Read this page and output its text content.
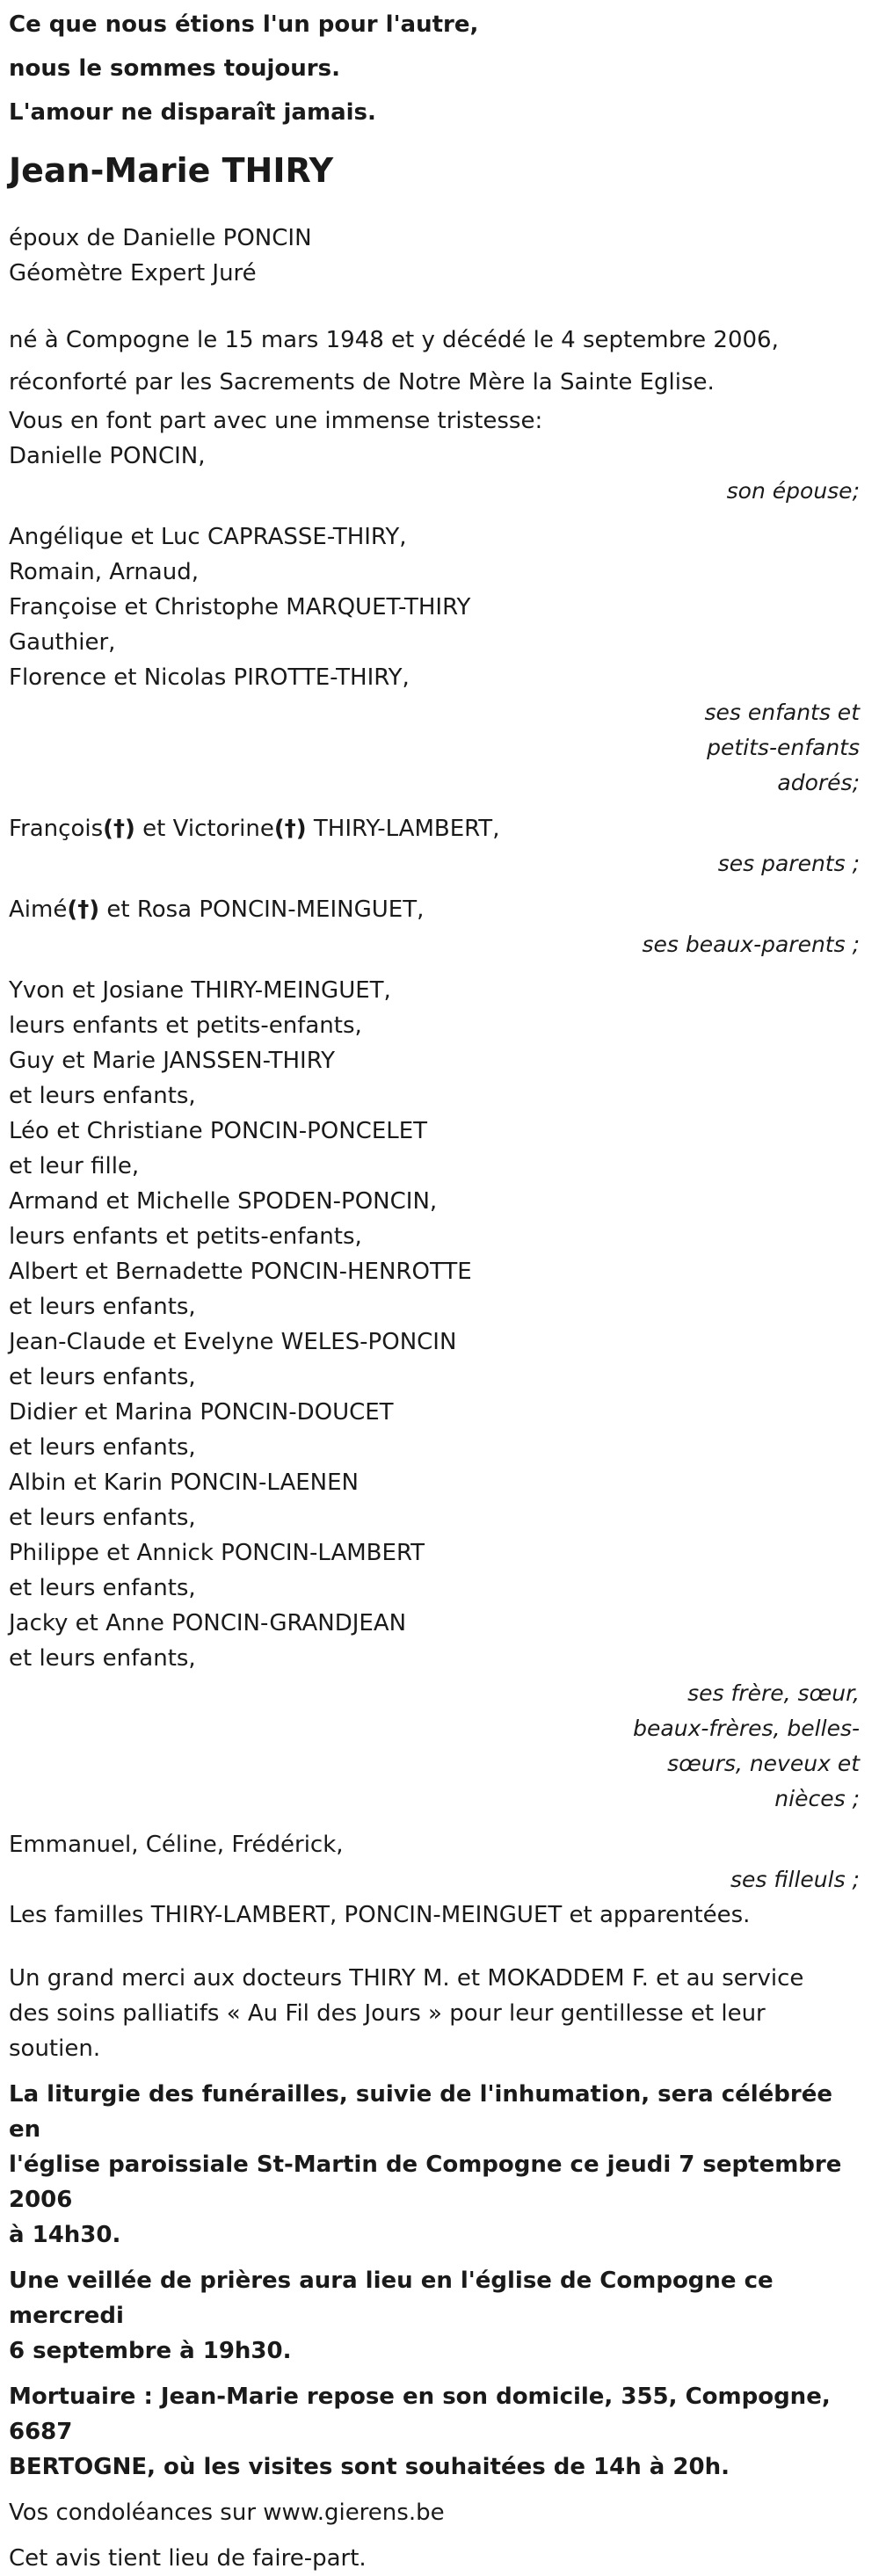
Ce que nous étions l'un pour l'autre,

nous le sommes toujours.

L'amour ne disparaît jamais.

Jean-Marie THIRY

époux de Danielle PONCIN

Géomètre Expert Juré

né à Compogne le 15 mars 1948 et y décédé le 4 septembre 2006,

réconforté par les Sacrements de Notre Mère la Sainte Eglise.

Vous en font part avec une immense tristesse:

Danielle PONCIN,

son épouse;

Angélique et Luc CAPRASSE-THIRY,

Romain, Arnaud,

Françoise et Christophe MARQUET-THIRY

Gauthier,

Florence et Nicolas PIROTTE-THIRY,

ses enfants et

petits-enfants

adorés;

François(†) et Victorine(†) THIRY-LAMBERT,

ses parents ;

Aimé(†) et Rosa PONCIN-MEINGUET,

ses beaux-parents ;

Yvon et Josiane THIRY-MEINGUET,

leurs enfants et petits-enfants,

Guy et Marie JANSSEN-THIRY

et leurs enfants,

Léo et Christiane PONCIN-PONCELET

et leur fille,

Armand et Michelle SPODEN-PONCIN,

leurs enfants et petits-enfants,

Albert et Bernadette PONCIN-HENROTTE

et leurs enfants,

Jean-Claude et Evelyne WELES-PONCIN

et leurs enfants,

Didier et Marina PONCIN-DOUCET

et leurs enfants,

Albin et Karin PONCIN-LAENEN

et leurs enfants,

Philippe et Annick PONCIN-LAMBERT

et leurs enfants,

Jacky et Anne PONCIN-GRANDJEAN

et leurs enfants,

ses frère, sœur,

beaux-frères, belles-

sœurs, neveux et

nièces ;

Emmanuel, Céline, Frédérick,

ses filleuls ;

Les familles THIRY-LAMBERT, PONCIN-MEINGUET et apparentées.

Un grand merci aux docteurs THIRY M. et MOKADDEM F. et au service

des soins palliatifs « Au Fil des Jours » pour leur gentillesse et leur

soutien.

La liturgie des funérailles, suivie de l'inhumation, sera célébrée en

l'église paroissiale St-Martin de Compogne ce jeudi 7 septembre 2006

à 14h30.

Une veillée de prières aura lieu en l'église de Compogne ce mercredi

6 septembre à 19h30.

Mortuaire : Jean-Marie repose en son domicile, 355, Compogne, 6687

BERTOGNE, où les visites sont souhaitées de 14h à 20h.

Vos condoléances sur www.gierens.be

Cet avis tient lieu de faire-part.
